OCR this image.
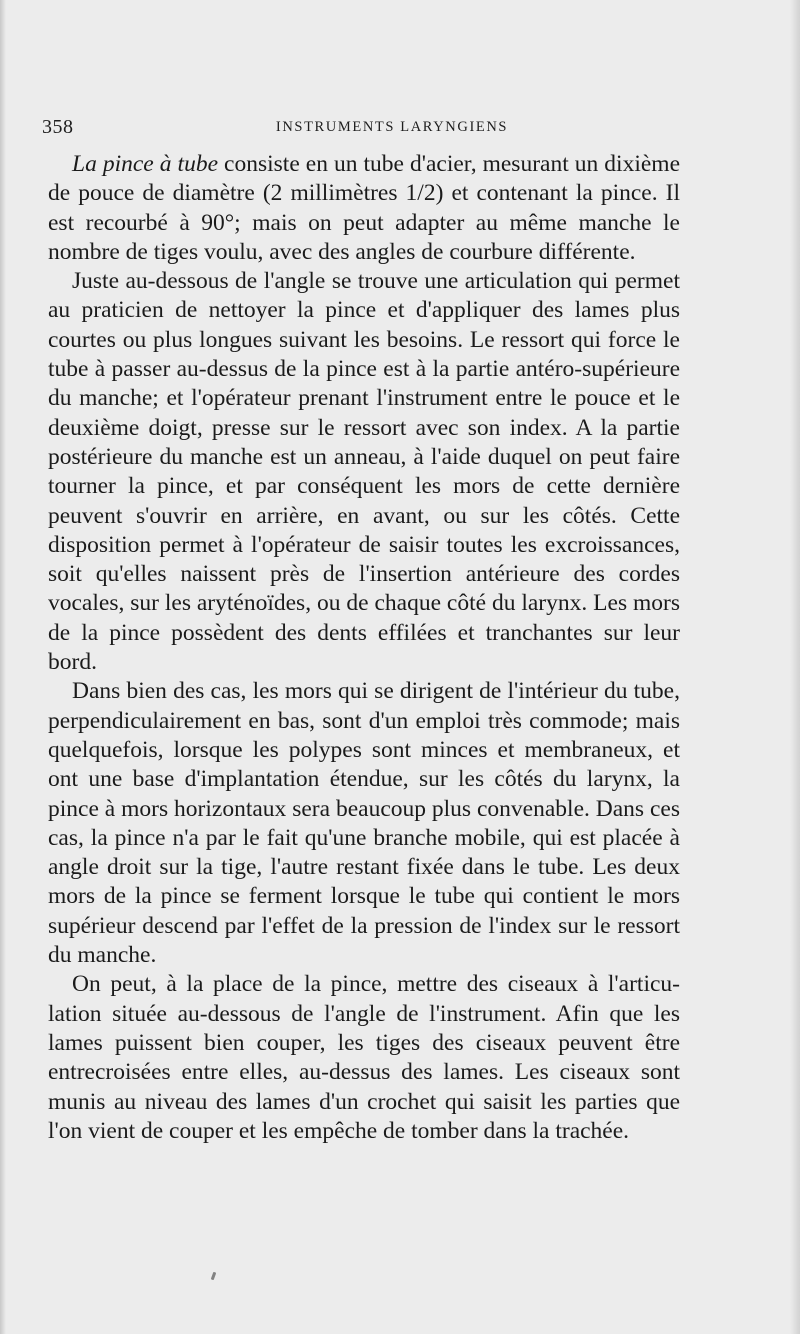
358	INSTRUMENTS LARYNGIENS

La pince à tube consiste en un tube d'acier, mesurant un dixième de pouce de diamètre (2 millimètres 1/2) et contenant la pince. Il est recourbé à 90°; mais on peut adapter au même manche le nombre de tiges voulu, avec des angles de courbure différente.

Juste au-dessous de l'angle se trouve une articulation qui permet au praticien de nettoyer la pince et d'appliquer des lames plus courtes ou plus longues suivant les besoins. Le ressort qui force le tube à passer au-dessus de la pince est à la partie antéro-supérieure du manche; et l'opérateur prenant l'instrument entre le pouce et le deuxième doigt, presse sur le ressort avec son index. A la partie postérieure du manche est un anneau, à l'aide duquel on peut faire tourner la pince, et par conséquent les mors de cette dernière peuvent s'ouvrir en arrière, en avant, ou sur les côtés. Cette disposition permet à l'opérateur de saisir toutes les excroissances, soit qu'elles naissent près de l'insertion antérieure des cordes vocales, sur les aryténoïdes, ou de chaque côté du larynx. Les mors de la pince possèdent des dents effilées et tranchantes sur leur bord.

Dans bien des cas, les mors qui se dirigent de l'intérieur du tube, perpendiculairement en bas, sont d'un emploi très commode; mais quelquefois, lorsque les polypes sont minces et membraneux, et ont une base d'implantation étendue, sur les côtés du larynx, la pince à mors horizontaux sera beaucoup plus convenable. Dans ces cas, la pince n'a par le fait qu'une branche mobile, qui est placée à angle droit sur la tige, l'autre restant fixée dans le tube. Les deux mors de la pince se ferment lorsque le tube qui contient le mors supérieur descend par l'effet de la pression de l'index sur le ressort du manche.

On peut, à la place de la pince, mettre des ciseaux à l'articulation située au-dessous de l'angle de l'instrument. Afin que les lames puissent bien couper, les tiges des ciseaux peuvent être entrecroisées entre elles, au-dessus des lames. Les ciseaux sont munis au niveau des lames d'un crochet qui saisit les parties que l'on vient de couper et les empêche de tomber dans la trachée.
